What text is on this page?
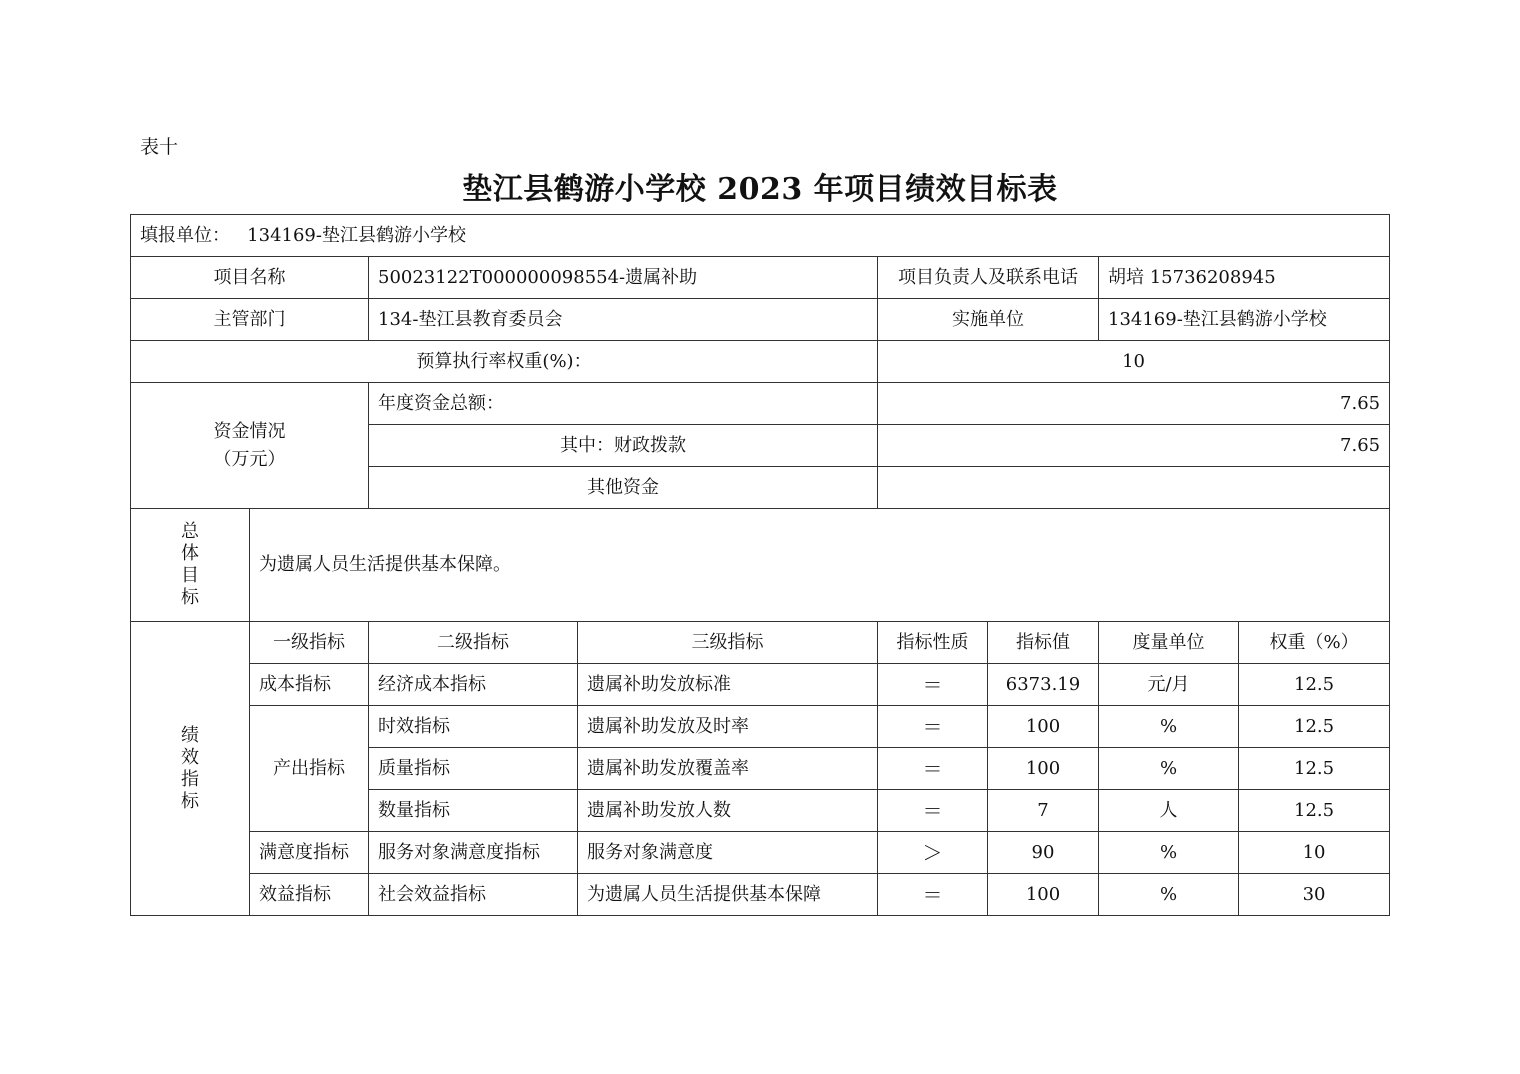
表十
垫江县鹤游小学校 2023 年项目绩效目标表
填报单位： 134169-垫江县鹤游小学校							
项目名称		50023122T000000098554-遗属补助		项目负责人及联系电话		胡培 15736208945	
主管部门		134-垫江县教育委员会		实施单位		134169-垫江县鹤游小学校	
预算执行率权重(%)：				10			

资金情况
（万元）		年度资金总额：		7.65			
		其中：财政拨款		7.65			
		其他资金					

总
体
目
标	为遗属人员生活提供基本保障。						

绩
效
指
标	一级指标	二级指标	三级指标	指标性质	指标值	度量单位	权重（%）
	成本指标	经济成本指标	遗属补助发放标准	＝	6373.19	元/月	12.5
	产出指标	时效指标	遗属补助发放及时率	＝	100	%	12.5
		质量指标	遗属补助发放覆盖率	＝	100	%	12.5
		数量指标	遗属补助发放人数	＝	7	人	12.5
	满意度指标	服务对象满意度指标	服务对象满意度	＞	90	%	10
	效益指标	社会效益指标	为遗属人员生活提供基本保障	＝	100	%	30
